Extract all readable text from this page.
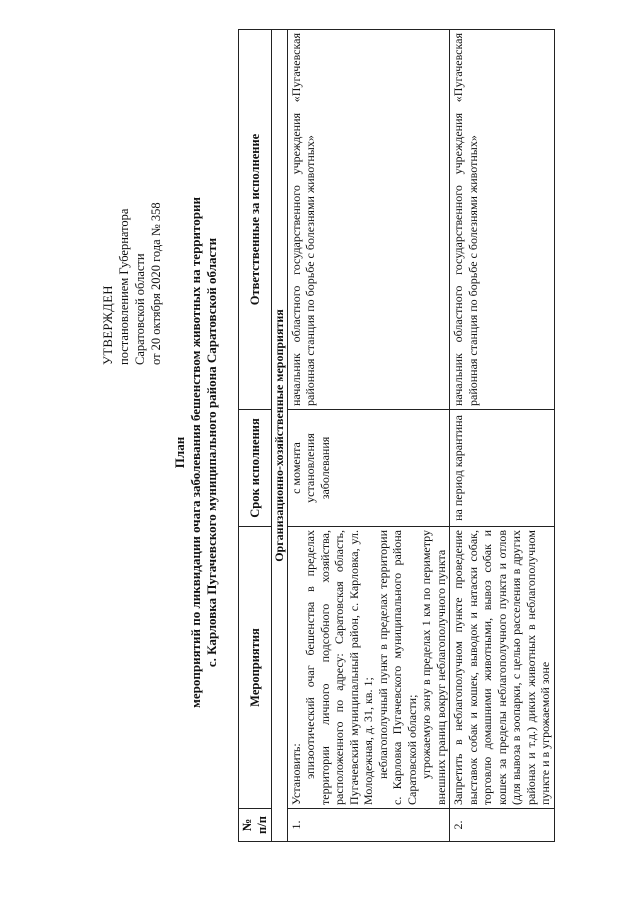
УТВЕРЖДЕН постановлением Губернатора Саратовской области от 20 октября 2020 года № 358
План мероприятий по ликвидации очага заболевания бешенством животных на территории с. Карловка Пугачевского муниципального района Саратовской области
№ п/п	Мероприятия	Срок исполнения	Ответственные за исполнение
Организационно-хозяйственные мероприятия			
1.	Установить: эпизоотический очаг бешенства в пределах территории личного подсобного хозяйства, расположенного по адресу: Саратовская область, Пугачевский муниципальный район, с. Карловка, ул. Молодежная, д. 31, кв. 1; неблагополучный пункт в пределах территории с. Карловка Пугачевского муниципального района Саратовской области; угрожаемую зону в пределах 1 км по периметру внешних границ вокруг неблагополучного пункта	с момента установления заболевания	начальник областного государственного учреждения «Пугачевская районная станция по борьбе с болезнями животных»
2.	Запретить в неблагополучном пункте проведение выставок собак и кошек, выводок и натаски собак, торговлю домашними животными, вывоз собак и кошек за пределы неблагополучного пункта и отлов (для вывоза в зоопарки, с целью расселения в других районах и т.д.) диких животных в неблагополучном пункте и в угрожаемой зоне	на период карантина	начальник областного государственного учреждения «Пугачевская районная станция по борьбе с болезнями животных»
